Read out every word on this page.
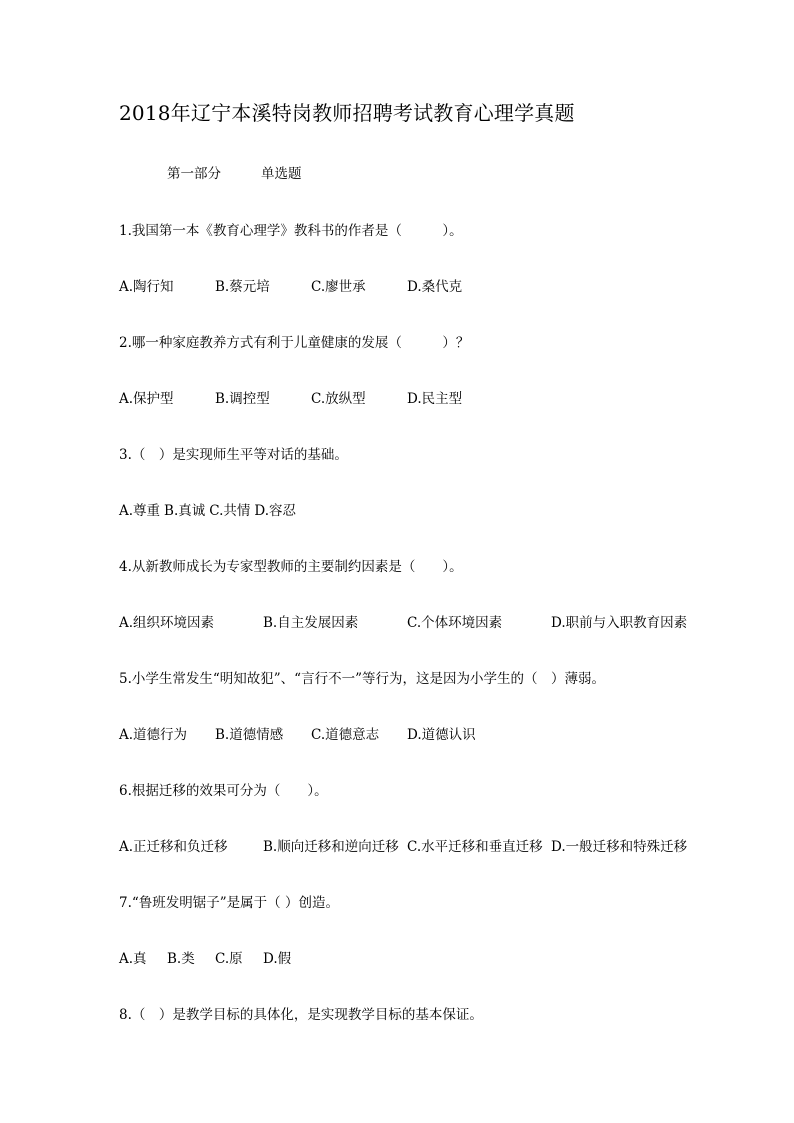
2018年辽宁本溪特岗教师招聘考试教育心理学真题
第一部分	单选题
1.我国第一本《教育心理学》教科书的作者是（　　　）。
A.陶行知	B.蔡元培	C.廖世承	D.桑代克
2.哪一种家庭教养方式有利于儿童健康的发展（　　　）？
A.保护型	B.调控型	C.放纵型	D.民主型
3.（　）是实现师生平等对话的基础。
A.尊重 B.真诚 C.共情 D.容忍
4.从新教师成长为专家型教师的主要制约因素是（　　）。
A.组织环境因素	B.自主发展因素	C.个体环境因素	D.职前与入职教育因素
5.小学生常发生“明知故犯”、“言行不一”等行为，这是因为小学生的（　）薄弱。
A.道德行为 B.道德情感 C.道德意志 D.道德认识
6.根据迁移的效果可分为（　　）。
A.正迁移和负迁移	B.顺向迁移和逆向迁移 C.水平迁移和垂直迁移 D.一般迁移和特殊迁移
7.“鲁班发明锯子”是属于（ ）创造。
A.真 B.类 C.原 D.假
8.（　）是教学目标的具体化，是实现教学目标的基本保证。
